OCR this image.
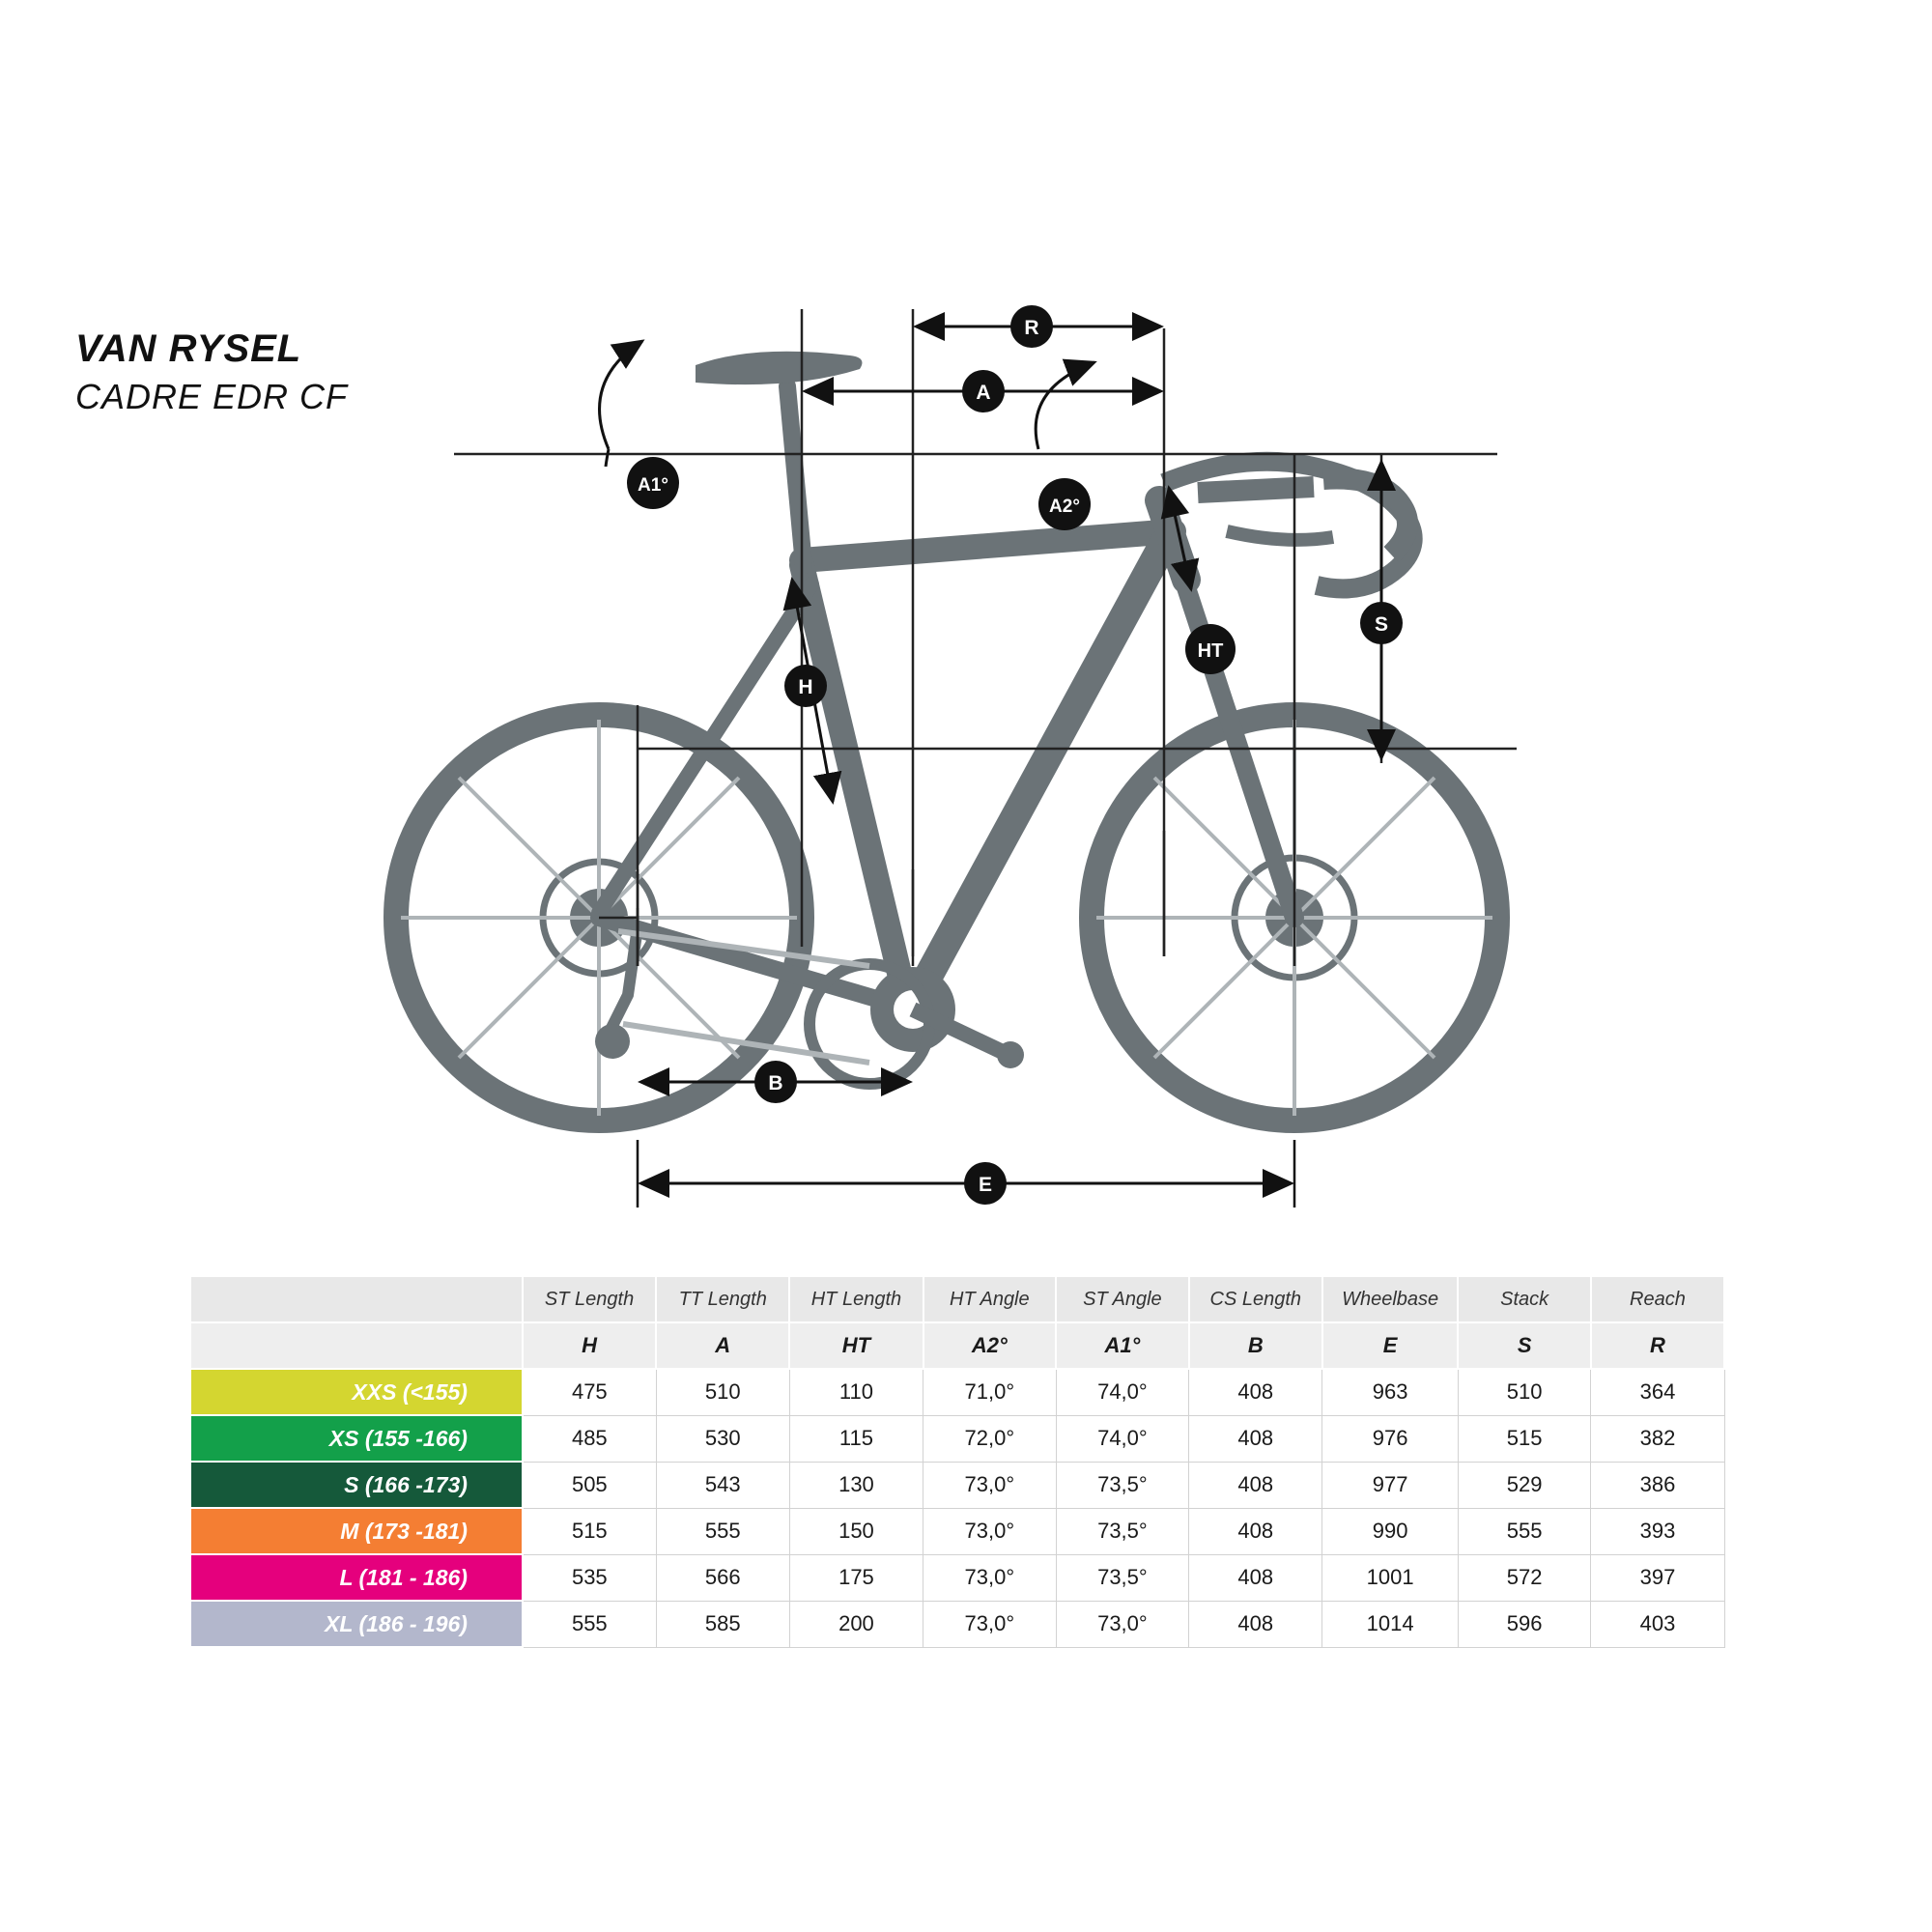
VAN RYSEL
CADRE EDR CF
R
A
A1°
A2°
HT
H
S
B
E
	ST Length	TT Length	HT Length	HT Angle	ST Angle	CS Length	Wheelbase	Stack	Reach
	H	A	HT	A2°	A1°	B	E	S	R
XXS (<155)	475	510	110	71,0°	74,0°	408	963	510	364
XS (155 -166)	485	530	115	72,0°	74,0°	408	976	515	382
S (166 -173)	505	543	130	73,0°	73,5°	408	977	529	386
M (173 -181)	515	555	150	73,0°	73,5°	408	990	555	393
L (181 - 186)	535	566	175	73,0°	73,5°	408	1001	572	397
XL (186 - 196)	555	585	200	73,0°	73,0°	408	1014	596	403
